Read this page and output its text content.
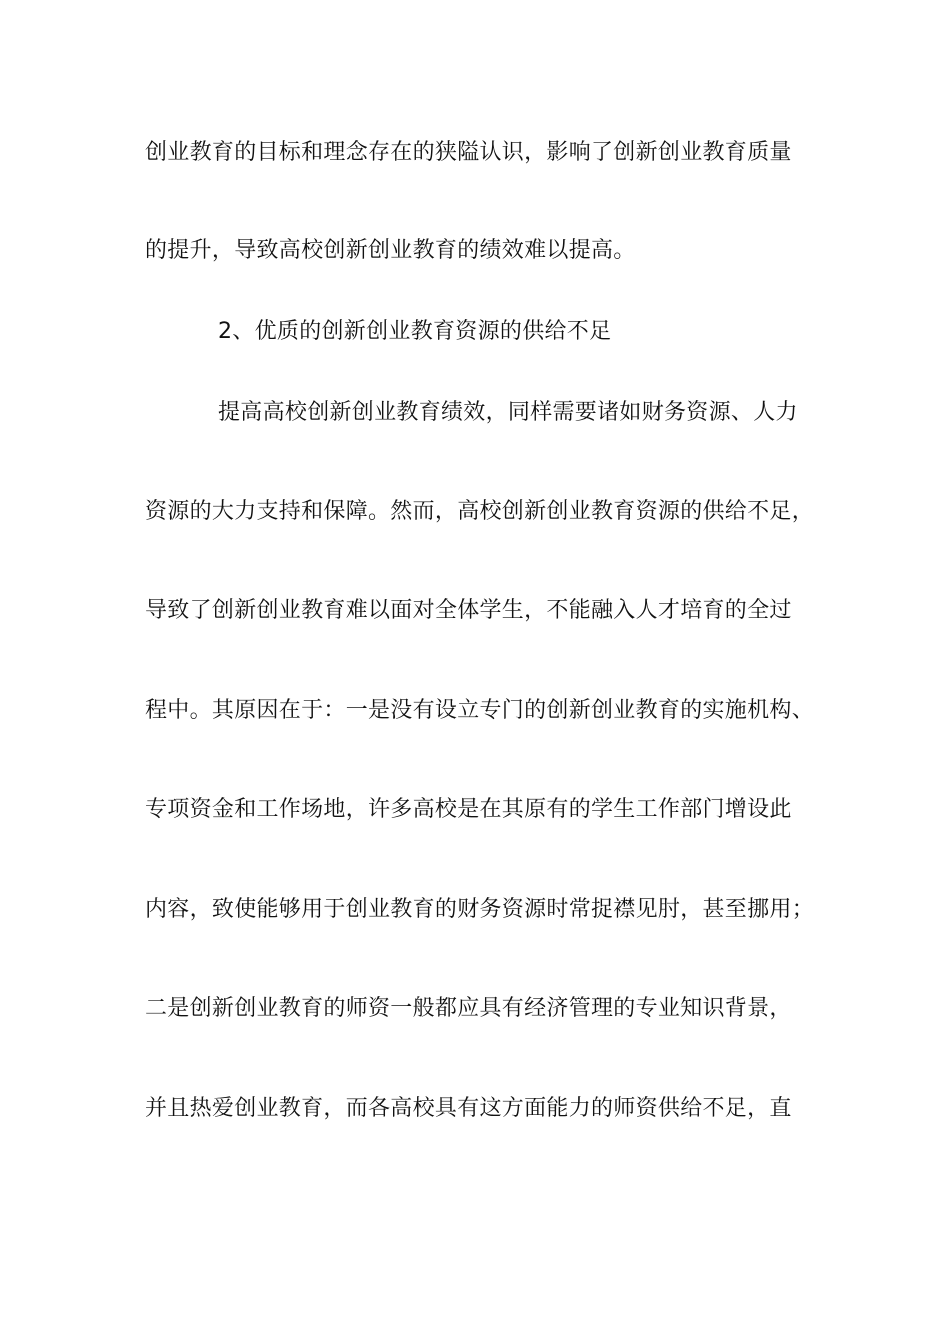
创业教育的目标和理念存在的狭隘认识，影响了创新创业教育质量
的提升，导致高校创新创业教育的绩效难以提高。
2、优质的创新创业教育资源的供给不足
提高高校创新创业教育绩效，同样需要诸如财务资源、人力
资源的大力支持和保障。然而，高校创新创业教育资源的供给不足，
导致了创新创业教育难以面对全体学生，不能融入人才培育的全过
程中。其原因在于：一是没有设立专门的创新创业教育的实施机构、
专项资金和工作场地，许多高校是在其原有的学生工作部门增设此
内容，致使能够用于创业教育的财务资源时常捉襟见肘，甚至挪用；
二是创新创业教育的师资一般都应具有经济管理的专业知识背景，
并且热爱创业教育，而各高校具有这方面能力的师资供给不足，直
